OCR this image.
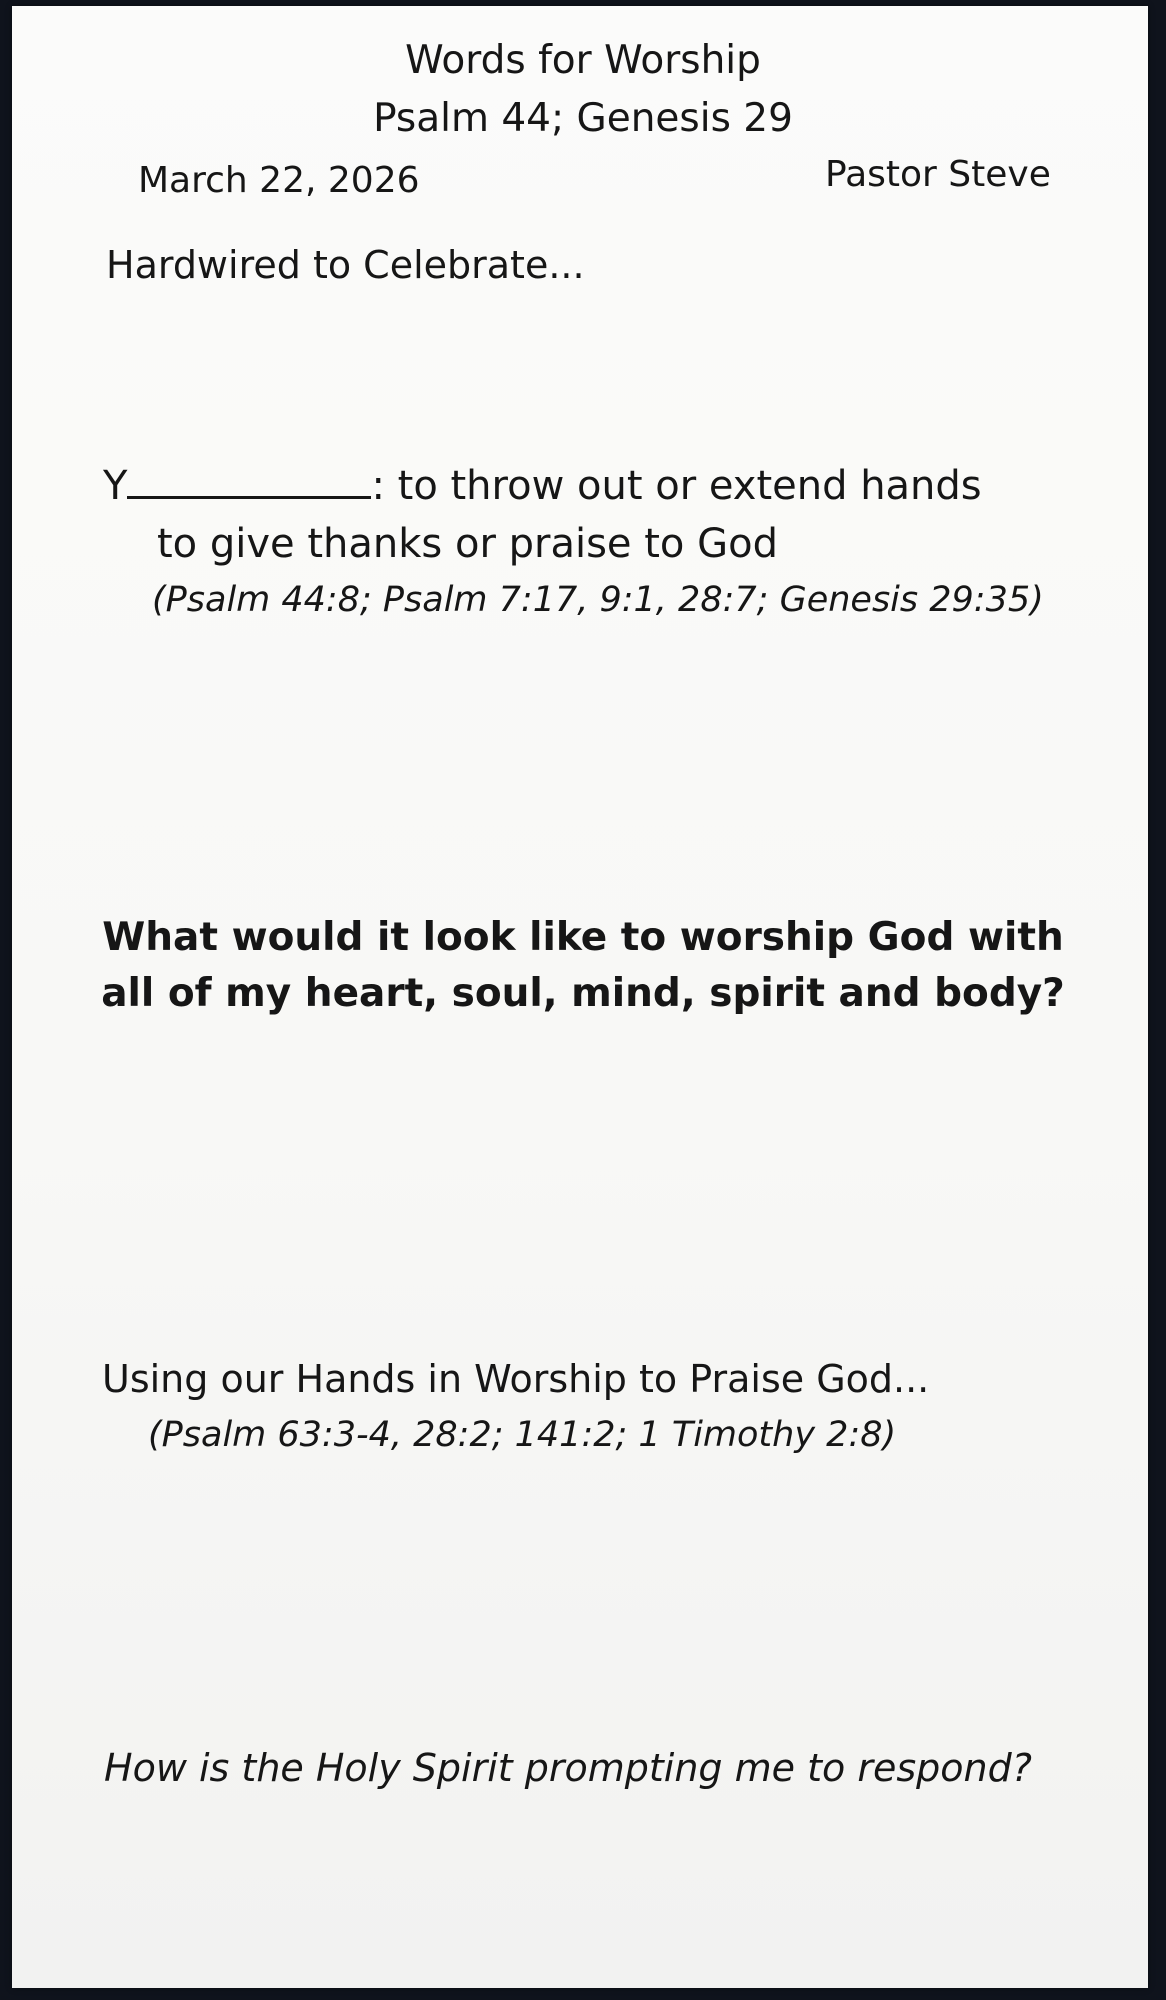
Words for Worship
Psalm 44; Genesis 29
March 22, 2026	Pastor Steve
Hardwired to Celebrate...
Y	: to throw out or extend hands
to give thanks or praise to God
(Psalm 44:8; Psalm 7:17, 9:1, 28:7; Genesis 29:35)
What would it look like to worship God with all of my heart, soul, mind, spirit and body?
Using our Hands in Worship to Praise God...
(Psalm 63:3-4, 28:2; 141:2; 1 Timothy 2:8)
How is the Holy Spirit prompting me to respond?
